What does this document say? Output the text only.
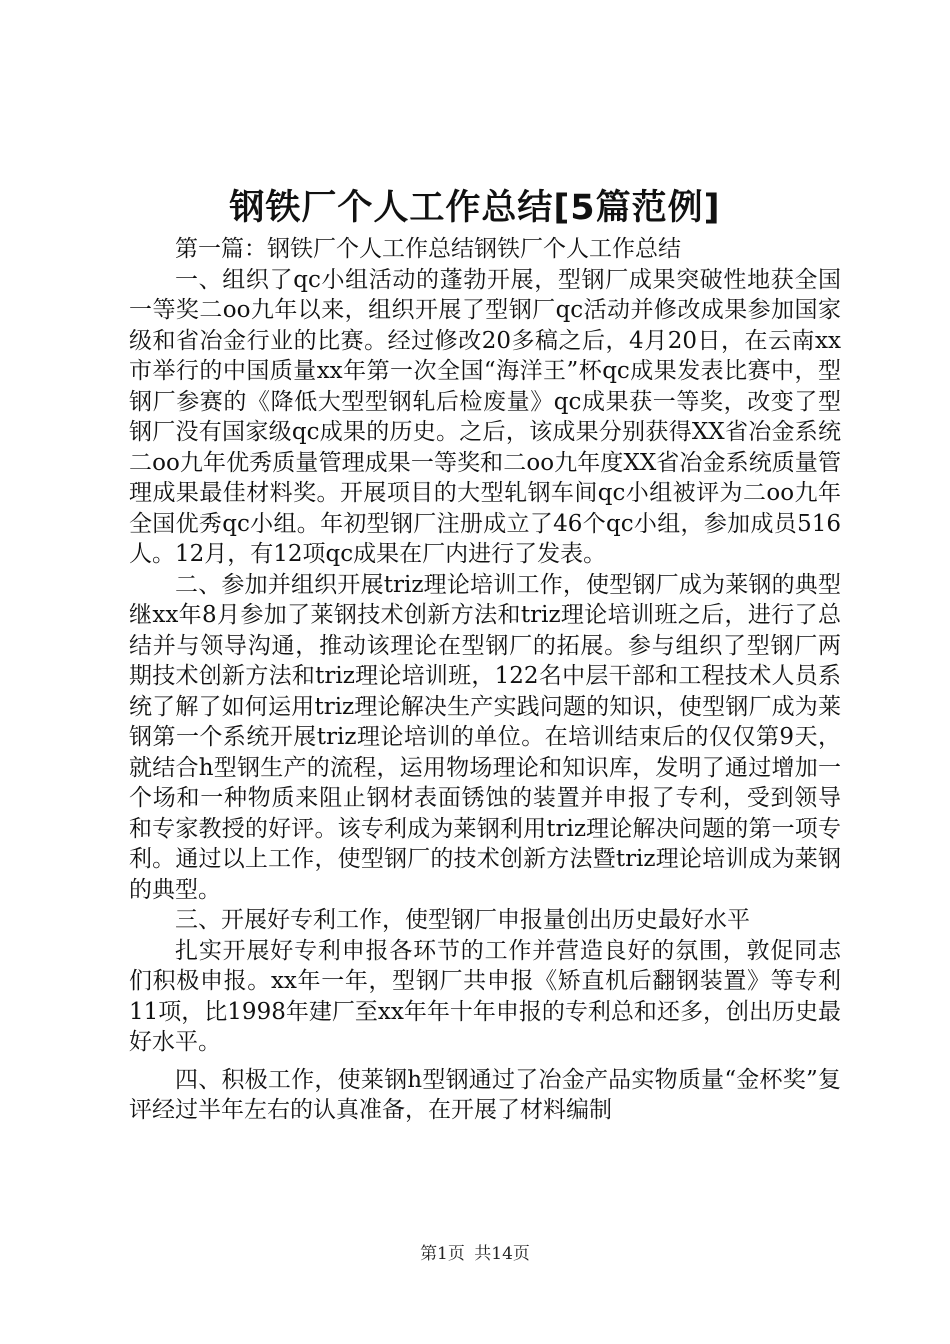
钢铁厂个人工作总结[5篇范例]

第一篇：钢铁厂个人工作总结钢铁厂个人工作总结

一、组织了qc小组活动的蓬勃开展，型钢厂成果突破性地获全国一等奖二oo九年以来，组织开展了型钢厂qc活动并修改成果参加国家级和省冶金行业的比赛。经过修改20多稿之后，4月20日，在云南xx市举行的中国质量xx年第一次全国“海洋王”杯qc成果发表比赛中，型钢厂参赛的《降低大型型钢轧后检废量》qc成果获一等奖，改变了型钢厂没有国家级qc成果的历史。之后，该成果分别获得XX省冶金系统二oo九年优秀质量管理成果一等奖和二oo九年度XX省冶金系统质量管理成果最佳材料奖。开展项目的大型轧钢车间qc小组被评为二oo九年全国优秀qc小组。年初型钢厂注册成立了46个qc小组，参加成员516人。12月，有12项qc成果在厂内进行了发表。

二、参加并组织开展triz理论培训工作，使型钢厂成为莱钢的典型继xx年8月参加了莱钢技术创新方法和triz理论培训班之后，进行了总结并与领导沟通，推动该理论在型钢厂的拓展。参与组织了型钢厂两期技术创新方法和triz理论培训班，122名中层干部和工程技术人员系统了解了如何运用triz理论解决生产实践问题的知识，使型钢厂成为莱钢第一个系统开展triz理论培训的单位。在培训结束后的仅仅第9天，就结合h型钢生产的流程，运用物场理论和知识库，发明了通过增加一个场和一种物质来阻止钢材表面锈蚀的装置并申报了专利，受到领导和专家教授的好评。该专利成为莱钢利用triz理论解决问题的第一项专利。通过以上工作，使型钢厂的技术创新方法暨triz理论培训成为莱钢的典型。

三、开展好专利工作，使型钢厂申报量创出历史最好水平

扎实开展好专利申报各环节的工作并营造良好的氛围，敦促同志们积极申报。xx年一年，型钢厂共申报《矫直机后翻钢装置》等专利11项，比1998年建厂至xx年年十年申报的专利总和还多，创出历史最好水平。

四、积极工作，使莱钢h型钢通过了冶金产品实物质量“金杯奖”复评经过半年左右的认真准备，在开展了材料编制

第1页 共14页
